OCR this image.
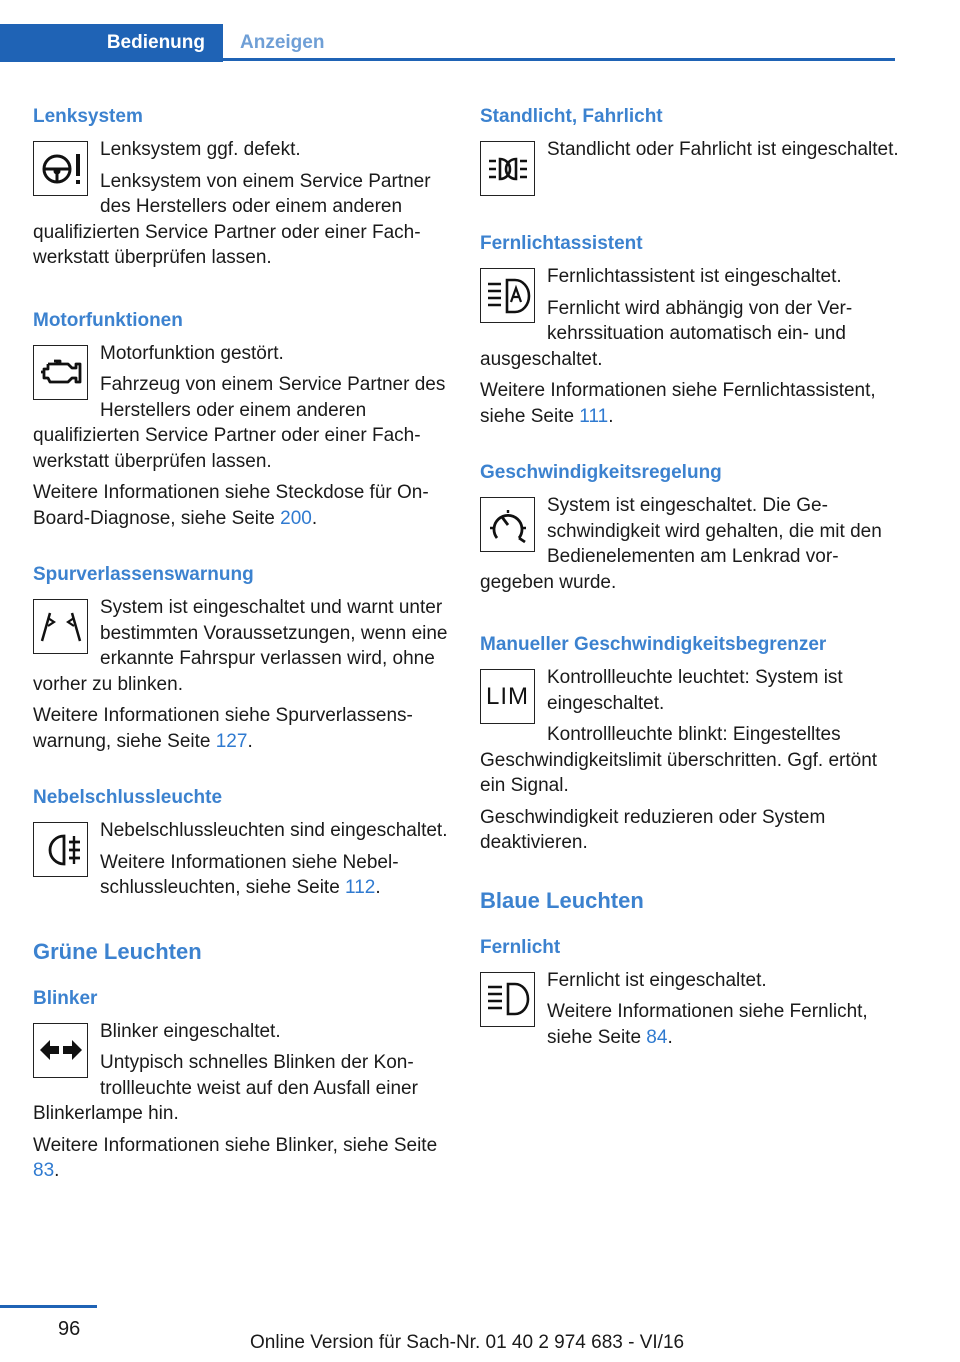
Bedienung	Anzeigen
Lenksystem

Lenksystem ggf. defekt.

Lenksystem von einem Service Partner des Herstellers oder einem anderen qualifizierten Service Partner oder einer Fachwerkstatt überprüfen lassen.

Motorfunktionen

Motorfunktion gestört.

Fahrzeug von einem Service Partner des Herstellers oder einem anderen qualifizierten Service Partner oder einer Fachwerkstatt überprüfen lassen.

Weitere Informationen siehe Steckdose für On-Board-Diagnose, siehe Seite 200.

Spurverlassenswarnung

System ist eingeschaltet und warnt unter bestimmten Voraussetzungen, wenn eine erkannte Fahrspur verlassen wird, ohne vorher zu blinken.

Weitere Informationen siehe Spurverlassenswarnung, siehe Seite 127.

Nebelschlussleuchte

Nebelschlussleuchten sind eingeschaltet.

Weitere Informationen siehe Nebelschlussleuchten, siehe Seite 112.

Grüne Leuchten
Blinker

Blinker eingeschaltet.

Untypisch schnelles Blinken der Kontrollleuchte weist auf den Ausfall einer Blinkerlampe hin.

Weitere Informationen siehe Blinker, siehe Seite 83.

Standlicht, Fahrlicht

Standlicht oder Fahrlicht ist eingeschaltet.

Fernlichtassistent

Fernlichtassistent ist eingeschaltet.

Fernlicht wird abhängig von der Verkehrssituation automatisch ein- und ausgeschaltet.

Weitere Informationen siehe Fernlichtassistent, siehe Seite 111.

Geschwindigkeitsregelung

System ist eingeschaltet. Die Geschwindigkeit wird gehalten, die mit den Bedienelementen am Lenkrad vorgegeben wurde.

Manueller Geschwindigkeitsbegrenzer
LIM

Kontrollleuchte leuchtet: System ist eingeschaltet.

Kontrollleuchte blinkt: Eingestelltes Geschwindigkeitslimit überschritten. Ggf. ertönt ein Signal.

Geschwindigkeit reduzieren oder System deaktivieren.

Blaue Leuchten
Fernlicht

Fernlicht ist eingeschaltet.

Weitere Informationen siehe Fernlicht, siehe Seite 84.

96
Online Version für Sach-Nr. 01 40 2 974 683 - VI/16
